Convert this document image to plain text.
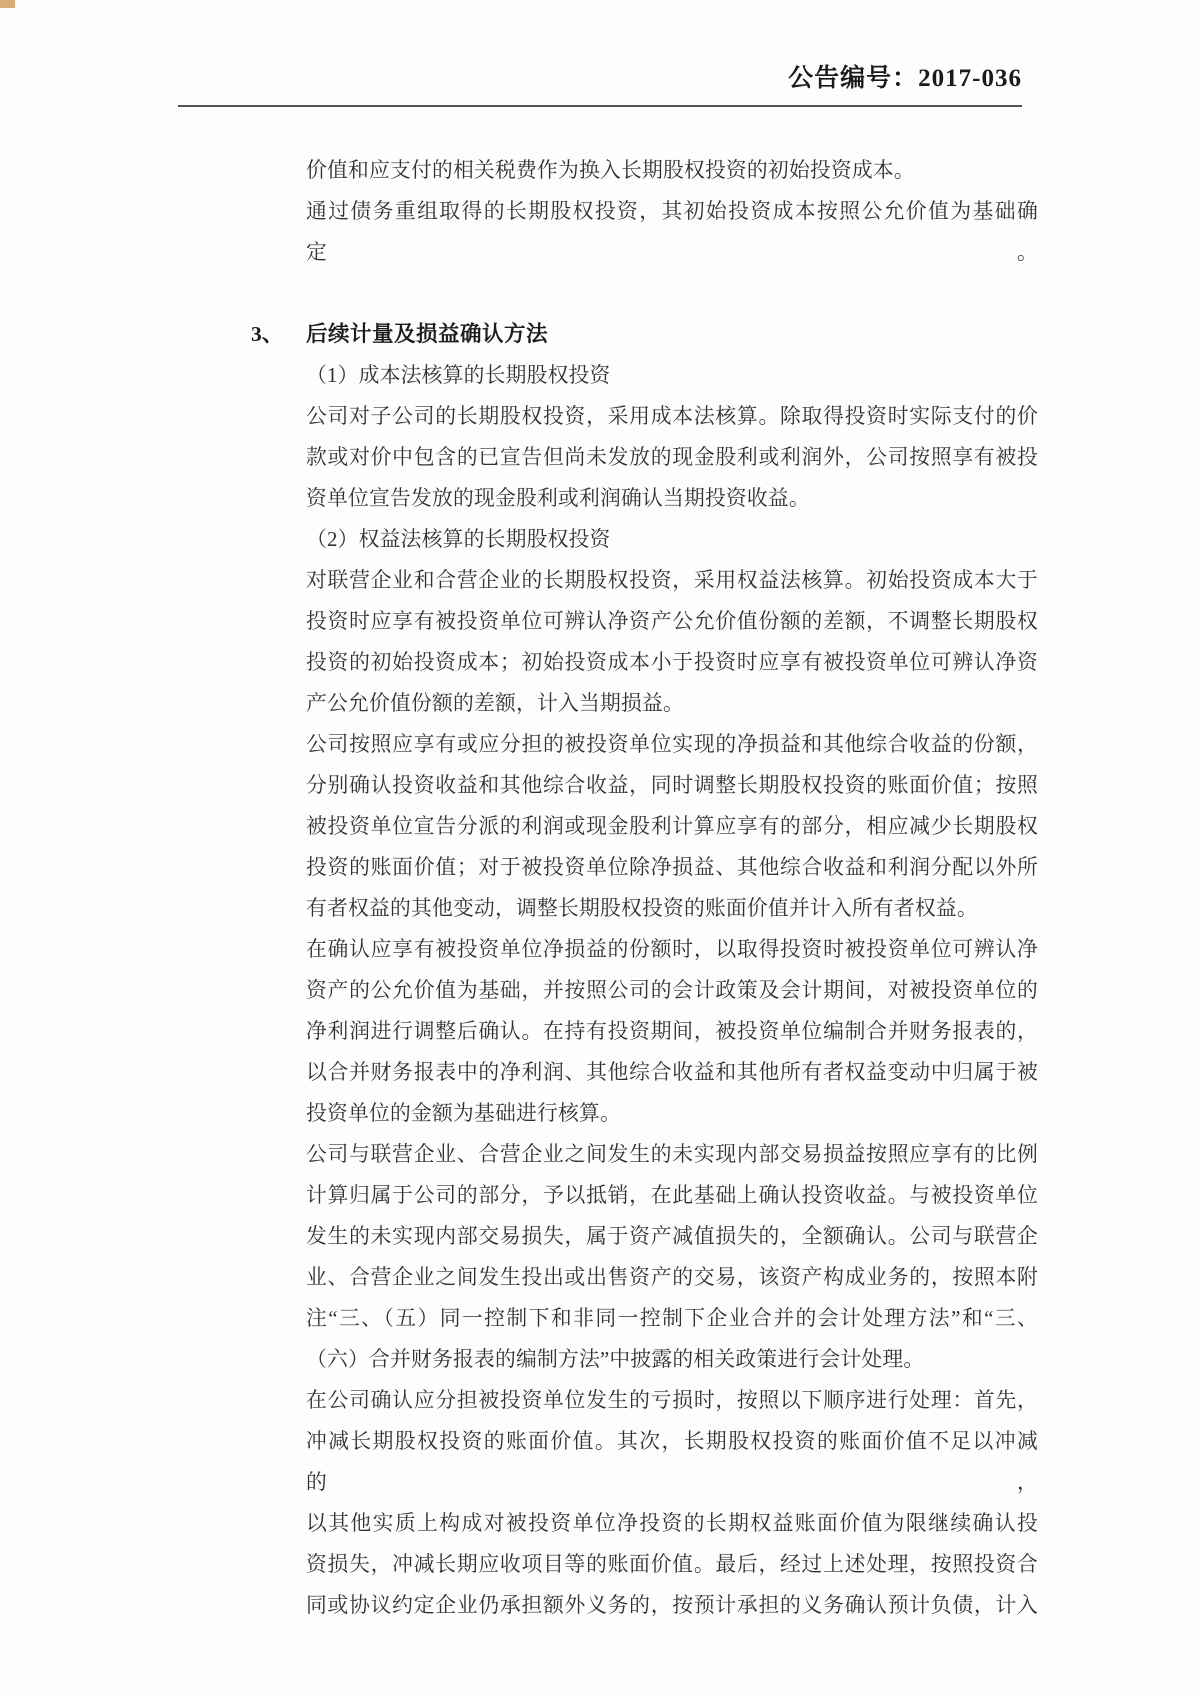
公告编号：2017-036
价值和应支付的相关税费作为换入长期股权投资的初始投资成本。
通过债务重组取得的长期股权投资，其初始投资成本按照公允价值为基础确定。
3、 后续计量及损益确认方法
（1）成本法核算的长期股权投资
公司对子公司的长期股权投资，采用成本法核算。除取得投资时实际支付的价
款或对价中包含的已宣告但尚未发放的现金股利或利润外，公司按照享有被投
资单位宣告发放的现金股利或利润确认当期投资收益。
（2）权益法核算的长期股权投资
对联营企业和合营企业的长期股权投资，采用权益法核算。初始投资成本大于
投资时应享有被投资单位可辨认净资产公允价值份额的差额，不调整长期股权
投资的初始投资成本；初始投资成本小于投资时应享有被投资单位可辨认净资
产公允价值份额的差额，计入当期损益。
公司按照应享有或应分担的被投资单位实现的净损益和其他综合收益的份额，
分别确认投资收益和其他综合收益，同时调整长期股权投资的账面价值；按照
被投资单位宣告分派的利润或现金股利计算应享有的部分，相应减少长期股权
投资的账面价值；对于被投资单位除净损益、其他综合收益和利润分配以外所
有者权益的其他变动，调整长期股权投资的账面价值并计入所有者权益。
在确认应享有被投资单位净损益的份额时，以取得投资时被投资单位可辨认净
资产的公允价值为基础，并按照公司的会计政策及会计期间，对被投资单位的
净利润进行调整后确认。在持有投资期间，被投资单位编制合并财务报表的，
以合并财务报表中的净利润、其他综合收益和其他所有者权益变动中归属于被
投资单位的金额为基础进行核算。
公司与联营企业、合营企业之间发生的未实现内部交易损益按照应享有的比例
计算归属于公司的部分，予以抵销，在此基础上确认投资收益。与被投资单位
发生的未实现内部交易损失，属于资产减值损失的，全额确认。公司与联营企
业、合营企业之间发生投出或出售资产的交易，该资产构成业务的，按照本附
注“三、（五）同一控制下和非同一控制下企业合并的会计处理方法”和“三、
（六）合并财务报表的编制方法”中披露的相关政策进行会计处理。
在公司确认应分担被投资单位发生的亏损时，按照以下顺序进行处理：首先，
冲减长期股权投资的账面价值。其次，长期股权投资的账面价值不足以冲减的，
以其他实质上构成对被投资单位净投资的长期权益账面价值为限继续确认投
资损失，冲减长期应收项目等的账面价值。最后，经过上述处理，按照投资合
同或协议约定企业仍承担额外义务的，按预计承担的义务确认预计负债，计入
